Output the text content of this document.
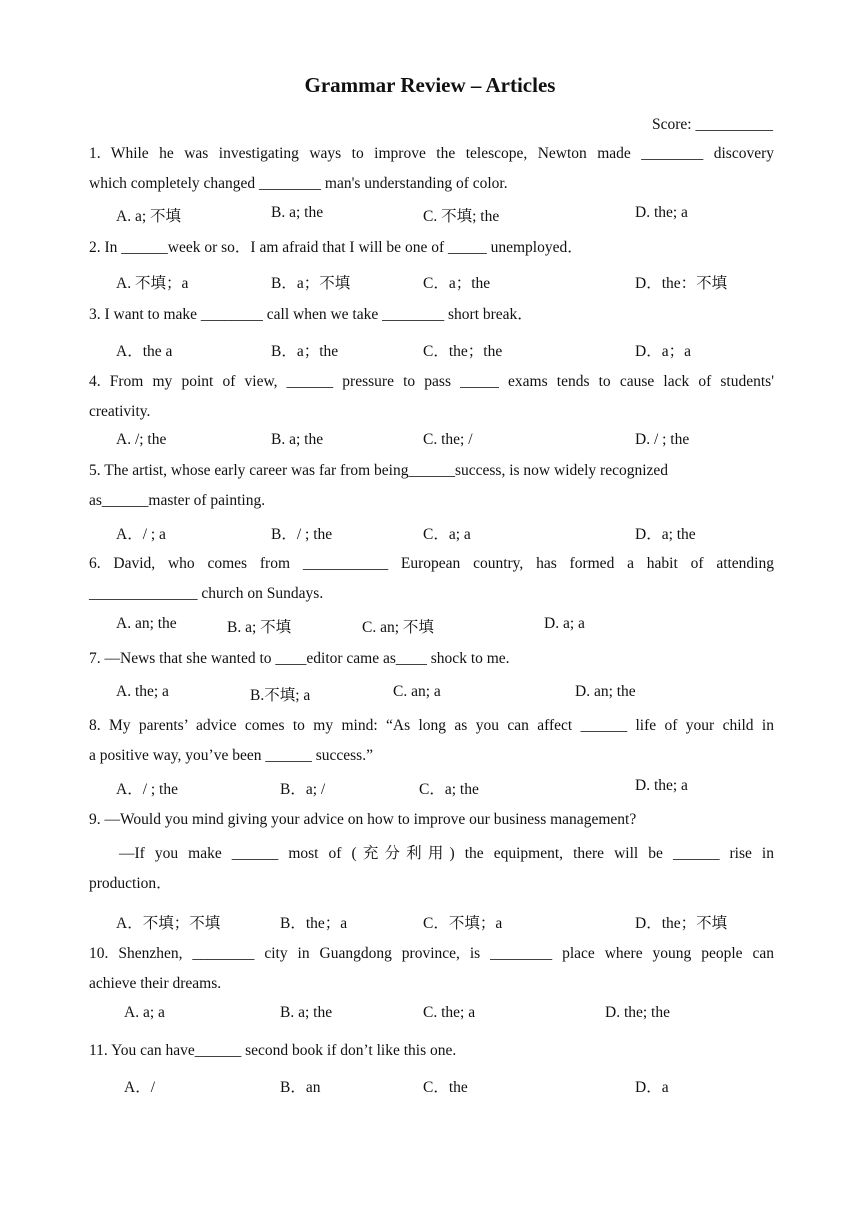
Grammar Review – Articles
Score: __________

1. While he was investigating ways to improve the telescope, Newton made ________ discovery

which completely changed ________ man's understanding of color.

A. a; 不填	B. a; the	C. 不填; the	D. the; a

2. In ______week or so．I am afraid that I will be one of _____ unemployed．

A. 不填；a	B．a；不填	C．a；the	D．the：不填

3. I want to make ________ call when we take ________ short break．

A．the a	B．a；the	C．the；the	D．a；a

4. From my point of view, ______ pressure to pass _____ exams tends to cause lack of students'

creativity.

A. /; the	B. a; the	C. the; /	D. / ; the

5. The artist, whose early career was far from being______success, is now widely recognized

as______master of painting.

A．/ ; a	B．/ ; the	C．a; a	D．a; the

6. David, who comes from ___________ European country, has formed a habit of attending

______________ church on Sundays.

A. an; the	B. a; 不填	C. an; 不填	D. a; a

7. —News that she wanted to ____editor came as____ shock to me.

A. the; a	B.不填; a	C. an; a	D. an; the

8. My parents’ advice comes to my mind: “As long as you can affect ______ life of your child in

a positive way, you’ve been ______ success.”

A．/ ; the	B．a; /	C．a; the	D. the; a

9. —Would you mind giving your advice on how to improve our business management?

—If you make ______ most of (充分利用) the equipment, there will be ______ rise in

production．

A．不填；不填	B．the；a	C．不填；a	D．the；不填

10. Shenzhen, ________ city in Guangdong province, is ________ place where young people can

achieve their dreams.

A. a; a	B. a; the	C. the; a	D. the; the

11. You can have______ second book if don’t like this one.

A．/	B．an	C．the	D．a
